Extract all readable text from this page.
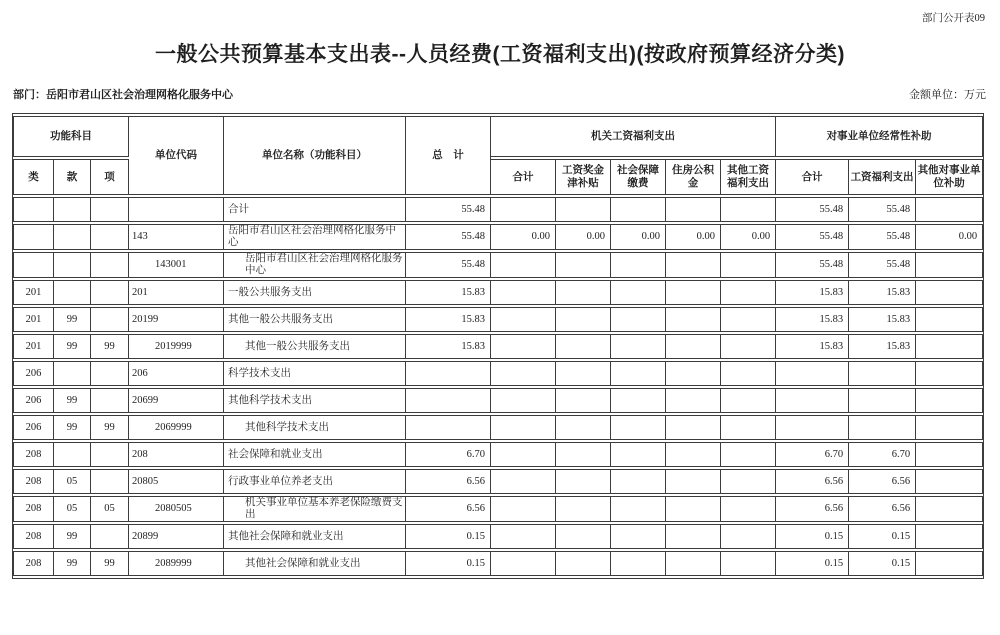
部门公开表09
一般公共预算基本支出表--人员经费(工资福利支出)(按政府预算经济分类)
部门：岳阳市君山区社会治理网格化服务中心	金额单位：万元
功能科目			单位代码	单位名称（功能科目）	总　计	机关工资福利支出					对事业单位经常性补助		
类	款	项				合计	工资奖金津补贴	社会保障缴费	住房公积金	其他工资福利支出	合计	工资福利支出	其他对事业单位补助
				合计	55.48						55.48	55.48	
			143	岳阳市君山区社会治理网格化服务中心	55.48	0.00	0.00	0.00	0.00	0.00	55.48	55.48	0.00
			143001	岳阳市君山区社会治理网格化服务中心	55.48						55.48	55.48	
201			201	一般公共服务支出	15.83						15.83	15.83	
201	99		20199	其他一般公共服务支出	15.83						15.83	15.83	
201	99	99	2019999	其他一般公共服务支出	15.83						15.83	15.83	
206			206	科学技术支出									
206	99		20699	其他科学技术支出									
206	99	99	2069999	其他科学技术支出									
208			208	社会保障和就业支出	6.70						6.70	6.70	
208	05		20805	行政事业单位养老支出	6.56						6.56	6.56	
208	05	05	2080505	机关事业单位基本养老保险缴费支出	6.56						6.56	6.56	
208	99		20899	其他社会保障和就业支出	0.15						0.15	0.15	
208	99	99	2089999	其他社会保障和就业支出	0.15						0.15	0.15	
